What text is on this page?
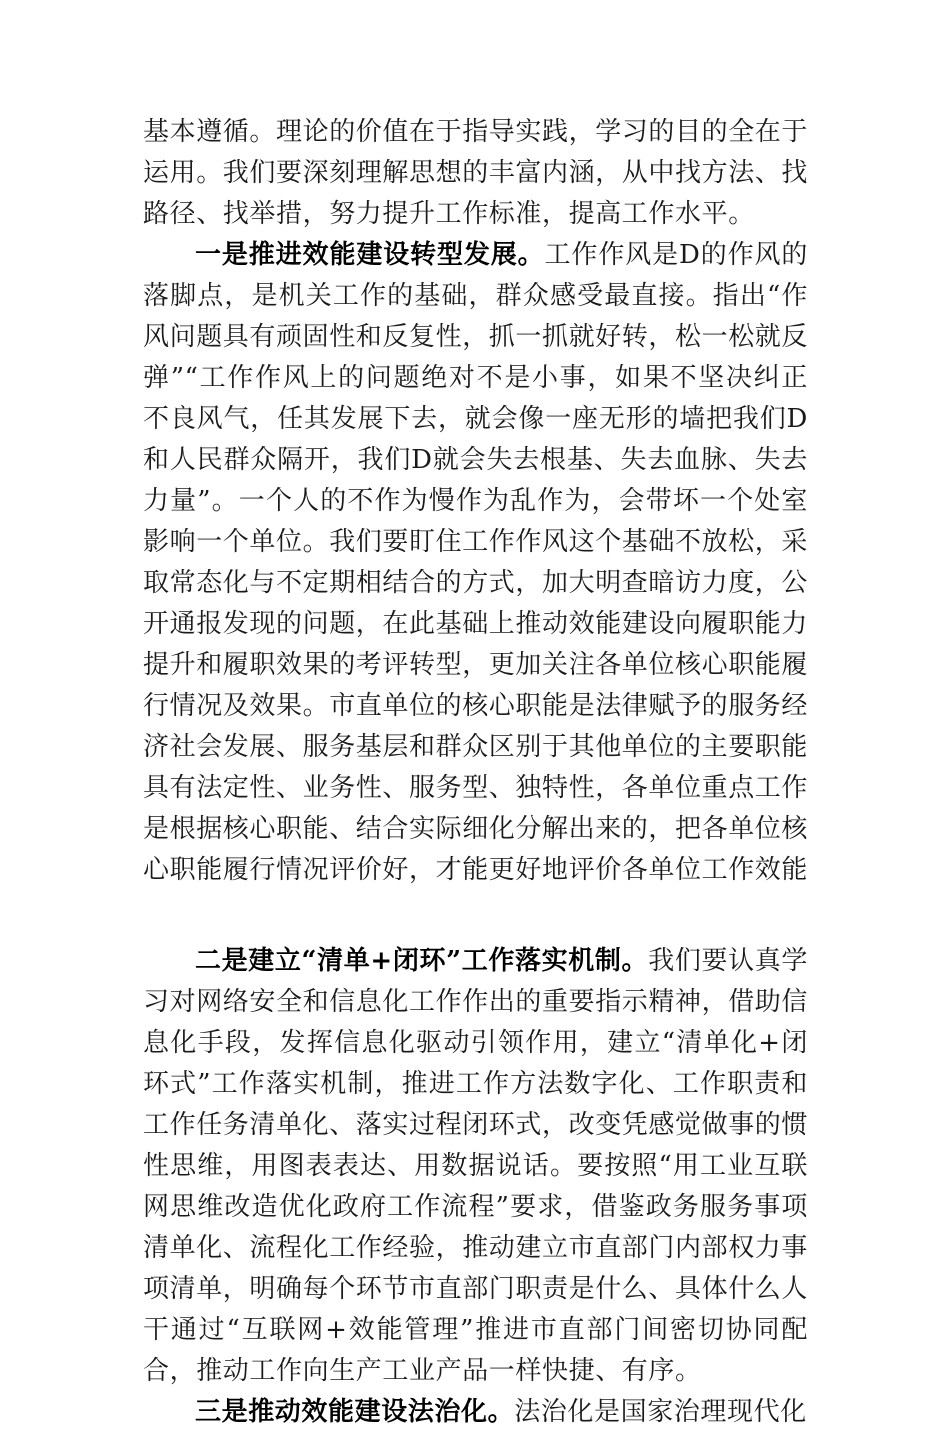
基本遵循。理论的价值在于指导实践，学习的目的全在于运用。我们要深刻理解思想的丰富内涵，从中找方法、找路径、找举措，努力提升工作标准，提高工作水平。

一是推进效能建设转型发展。工作作风是D的作风的落脚点，是机关工作的基础，群众感受最直接。指出“作风问题具有顽固性和反复性，抓一抓就好转，松一松就反弹”“工作作风上的问题绝对不是小事，如果不坚决纠正不良风气，任其发展下去，就会像一座无形的墙把我们D和人民群众隔开，我们D就会失去根基、失去血脉、失去力量”。一个人的不作为慢作为乱作为，会带坏一个处室影响一个单位。我们要盯住工作作风这个基础不放松，采取常态化与不定期相结合的方式，加大明查暗访力度，公开通报发现的问题，在此基础上推动效能建设向履职能力提升和履职效果的考评转型，更加关注各单位核心职能履行情况及效果。市直单位的核心职能是法律赋予的服务经济社会发展、服务基层和群众区别于其他单位的主要职能具有法定性、业务性、服务型、独特性，各单位重点工作是根据核心职能、结合实际细化分解出来的，把各单位核心职能履行情况评价好，才能更好地评价各单位工作效能

二是建立“清单+闭环”工作落实机制。我们要认真学习对网络安全和信息化工作作出的重要指示精神，借助信息化手段，发挥信息化驱动引领作用，建立“清单化+闭环式”工作落实机制，推进工作方法数字化、工作职责和工作任务清单化、落实过程闭环式，改变凭感觉做事的惯性思维，用图表表达、用数据说话。要按照“用工业互联网思维改造优化政府工作流程”要求，借鉴政务服务事项清单化、流程化工作经验，推动建立市直部门内部权力事项清单，明确每个环节市直部门职责是什么、具体什么人干通过“互联网+效能管理”推进市直部门间密切协同配合，推动工作向生产工业产品一样快捷、有序。

三是推动效能建设法治化。法治化是国家治理现代化
